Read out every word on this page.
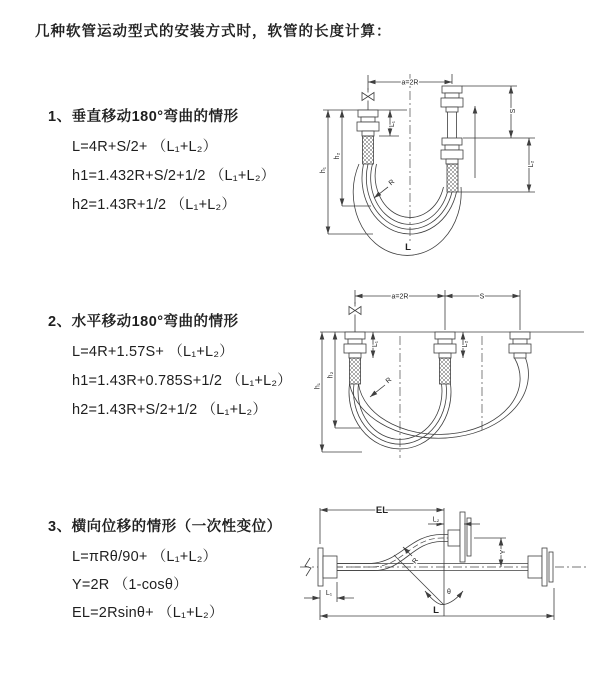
几种软管运动型式的安装方式时，软管的长度计算：
1、垂直移动180°弯曲的情形
L=4R+S/2+ （L₁+L₂）
h1=1.432R+S/2+1/2 （L₁+L₂）
h2=1.43R+1/2 （L₁+L₂）
2、水平移动180°弯曲的情形
L=4R+1.57S+ （L₁+L₂）
h1=1.43R+0.785S+1/2 （L₁+L₂）
h2=1.43R+S/2+1/2 （L₁+L₂）
3、横向位移的情形（一次性变位）
L=πRθ/90+ （L₁+L₂）
Y=2R （1-cosθ）
EL=2Rsinθ+ （L₁+L₂）
a=2R
L₁
h₁
h₂
S
L₂
R
L
a=2R	S
L₁	L₂
h₁
h₂
R
EL
L₂
Y
L
L₁
R
θ
